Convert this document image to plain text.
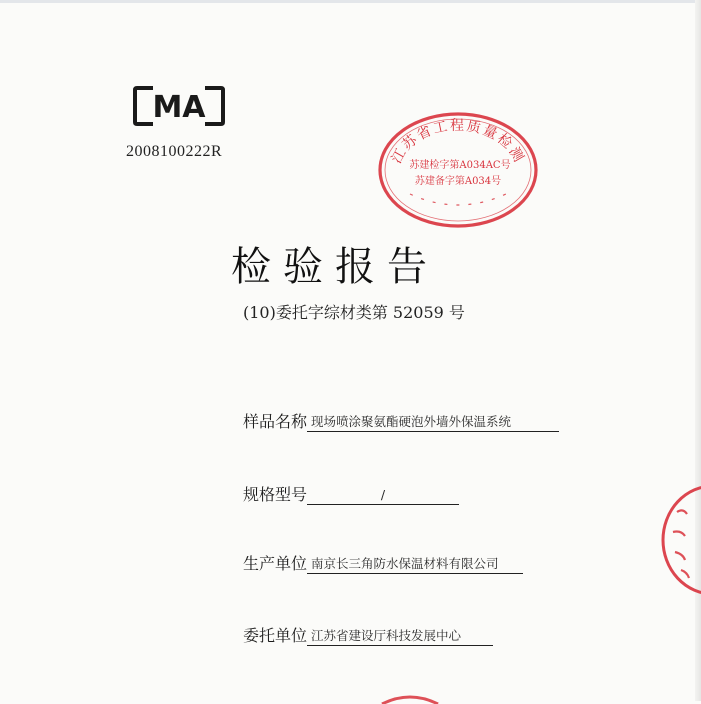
MA
2008100222R	江苏省工程质量检测
苏建检字第A034AC号
苏建备字第A034号
检验报告
(10)委托字综材类第 52059 号
样品名称 现场喷涂聚氨酯硬泡外墙外保温系统
规格型号	/
生产单位 南京长三角防水保温材料有限公司
委托单位 江苏省建设厅科技发展中心
